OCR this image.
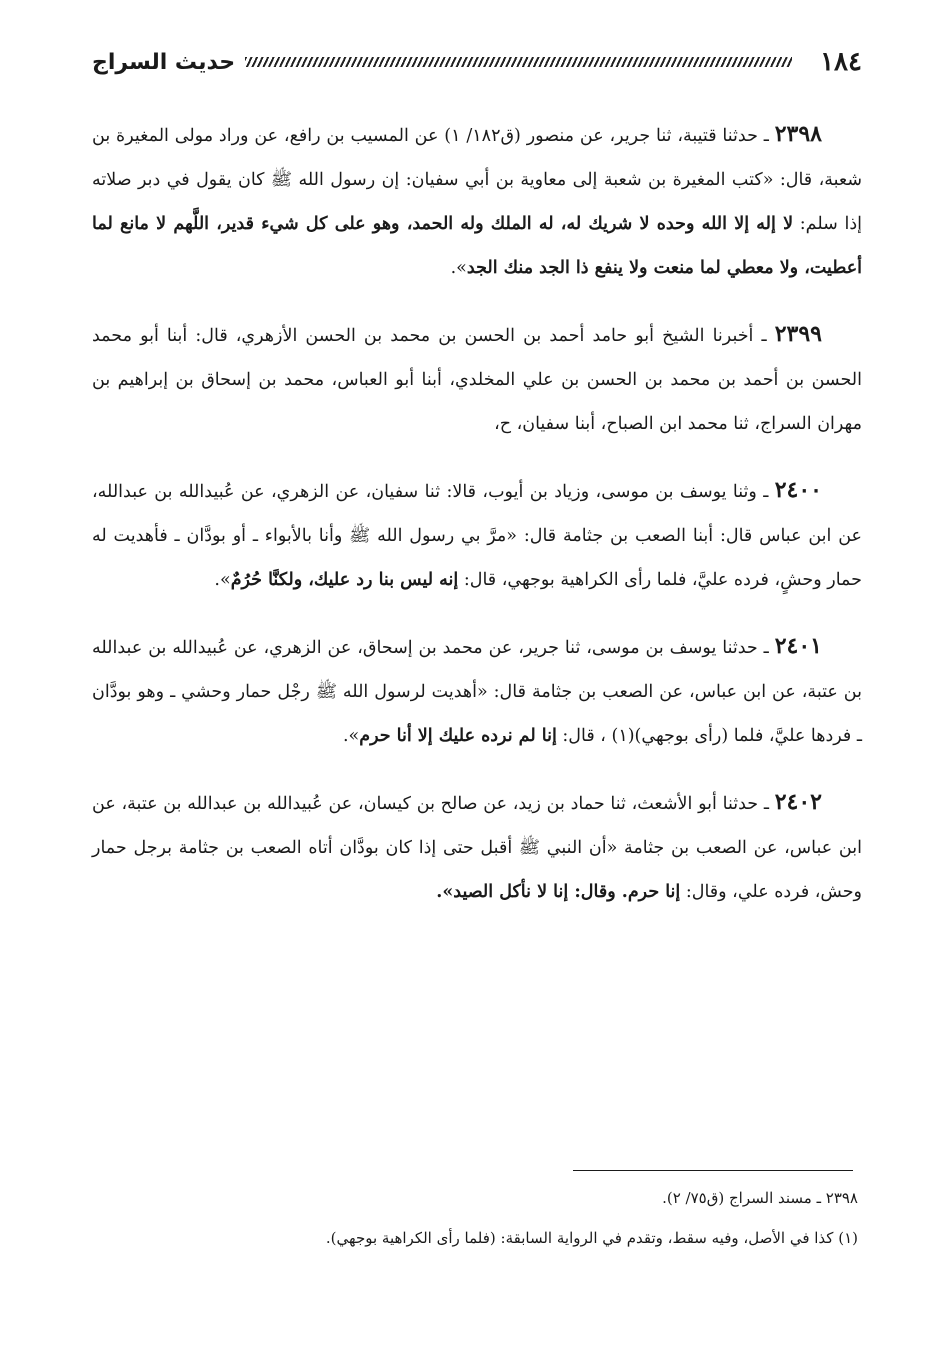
١٨٤
حديث السراج

٢٣٩٨ ـ حدثنا قتيبة، ثنا جرير، عن منصور (ق١٨٢/ ١) عن المسيب بن رافع، عن وراد مولى المغيرة بن شعبة، قال: «كتب المغيرة بن شعبة إلى معاوية بن أبي سفيان: إن رسول الله ﷺ كان يقول في دبر صلاته إذا سلم: لا إله إلا الله وحده لا شريك له، له الملك وله الحمد، وهو على كل شيء قدير، اللَّهم لا مانع لما أعطيت، ولا معطي لما منعت ولا ينفع ذا الجد منك الجد».

٢٣٩٩ ـ أخبرنا الشيخ أبو حامد أحمد بن الحسن بن محمد بن الحسن الأزهري، قال: أبنا أبو محمد الحسن بن أحمد بن محمد بن الحسن بن علي المخلدي، أبنا أبو العباس، محمد بن إسحاق بن إبراهيم بن مهران السراج، ثنا محمد ابن الصباح، أبنا سفيان، ح،

٢٤٠٠ ـ وثنا يوسف بن موسى، وزياد بن أيوب، قالا: ثنا سفيان، عن الزهري، عن عُبيدالله بن عبدالله، عن ابن عباس قال: أبنا الصعب بن جثامة قال: «مرَّ بي رسول الله ﷺ وأنا بالأبواء ـ أو بودَّان ـ فأهديت له حمار وحشٍ، فرده عليَّ، فلما رأى الكراهية بوجهي، قال: إنه ليس بنا رد عليك، ولكنَّا حُرُمٌ».

٢٤٠١ ـ حدثنا يوسف بن موسى، ثنا جرير، عن محمد بن إسحاق، عن الزهري، عن عُبيدالله بن عبدالله بن عتبة، عن ابن عباس، عن الصعب بن جثامة قال: «أهديت لرسول الله ﷺ رجْل حمار وحشي ـ وهو بودَّان ـ فردها عليَّ، فلما (رأى بوجهي)(١) ، قال: إنا لم نرده عليك إلا أنا حرم».

٢٤٠٢ ـ حدثنا أبو الأشعث، ثنا حماد بن زيد، عن صالح بن كيسان، عن عُبيدالله بن عبدالله بن عتبة، عن ابن عباس، عن الصعب بن جثامة «أن النبي ﷺ أقبل حتى إذا كان بودَّان أتاه الصعب بن جثامة برجل حمار وحش، فرده علي، وقال: إنا حرم. وقال: إنا لا نأكل الصيد».

٢٣٩٨ ـ مسند السراج (ق٧٥/ ٢).

(١) كذا في الأصل، وفيه سقط، وتقدم في الرواية السابقة: (فلما رأى الكراهية بوجهي).
